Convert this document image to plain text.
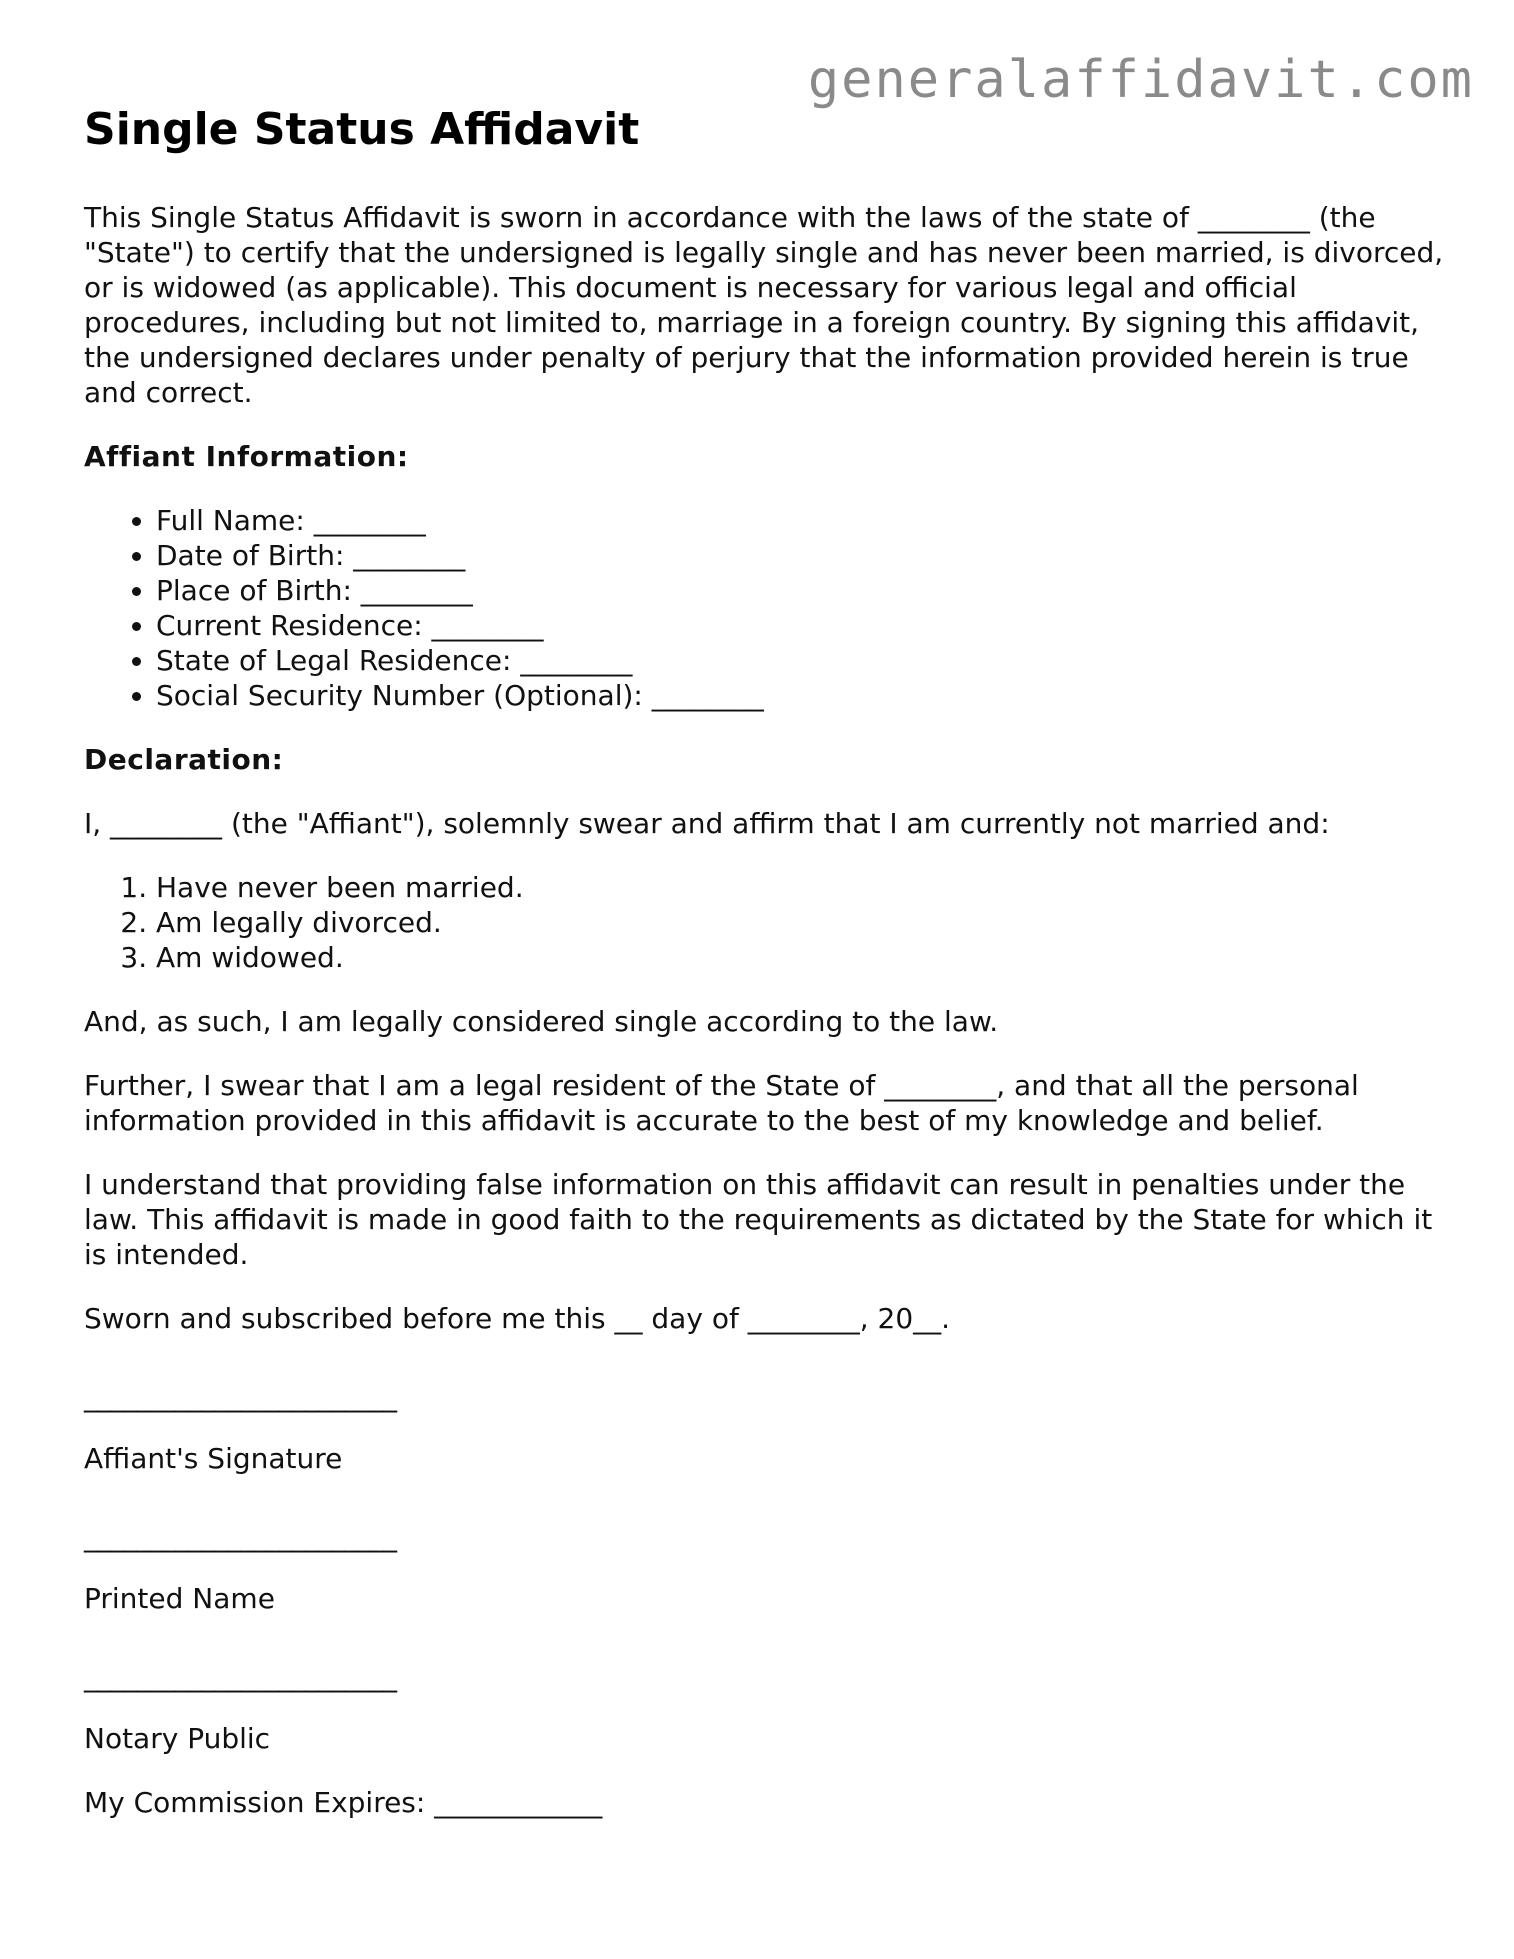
generalaffidavit.com
Single Status Affidavit

This Single Status Affidavit is sworn in accordance with the laws of the state of ________ (the "State") to certify that the undersigned is legally single and has never been married, is divorced, or is widowed (as applicable). This document is necessary for various legal and official procedures, including but not limited to, marriage in a foreign country. By signing this affidavit, the undersigned declares under penalty of perjury that the information provided herein is true and correct.

Affiant Information:
• Full Name: ________
• Date of Birth: ________
• Place of Birth: ________
• Current Residence: ________
• State of Legal Residence: ________
• Social Security Number (Optional): ________
Declaration:

I, ________ (the "Affiant"), solemnly swear and affirm that I am currently not married and:

1. Have never been married.
2. Am legally divorced.
3. Am widowed.

And, as such, I am legally considered single according to the law.

Further, I swear that I am a legal resident of the State of ________, and that all the personal information provided in this affidavit is accurate to the best of my knowledge and belief.

I understand that providing false information on this affidavit can result in penalties under the law. This affidavit is made in good faith to the requirements as dictated by the State for which it is intended.

Sworn and subscribed before me this __ day of ________, 20__.

________________________
Affiant's Signature
________________________
Printed Name
________________________
Notary Public
My Commission Expires: ____________
